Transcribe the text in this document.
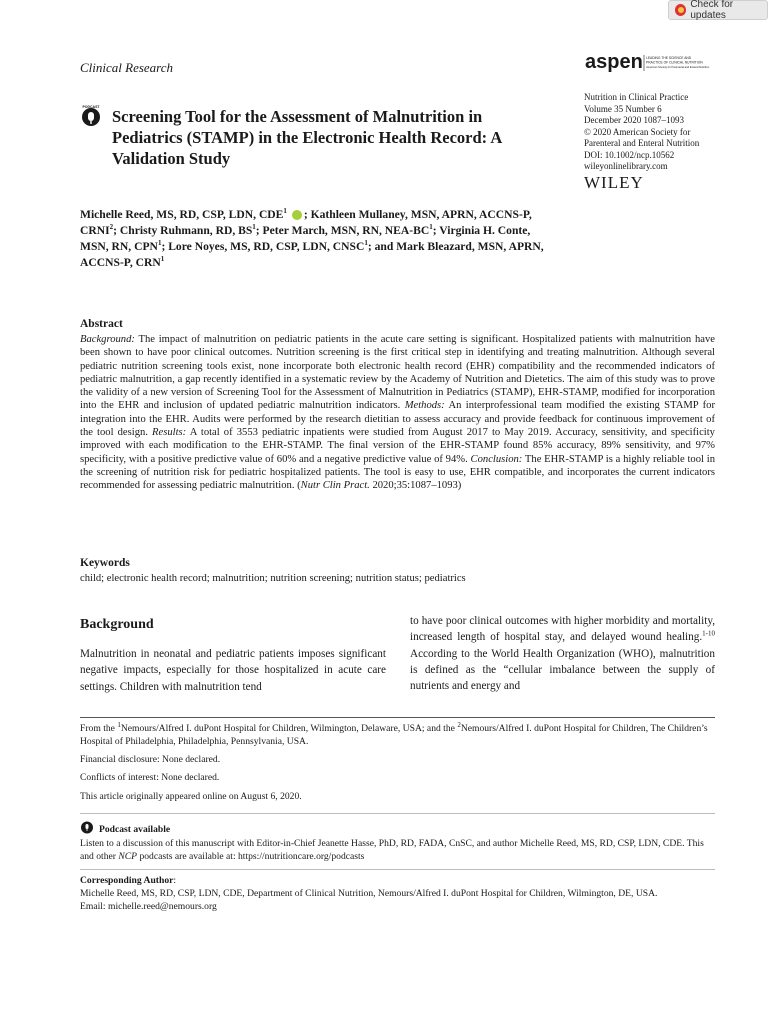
Check for updates
Clinical Research
PODCAST Screening Tool for the Assessment of Malnutrition in Pediatrics (STAMP) in the Electronic Health Record: A Validation Study
aspen LEADING THE SCIENCE AND
PRACTICE OF CLINICAL NUTRITION
American Society for Parenteral and Enteral Nutrition
Nutrition in Clinical Practice
Volume 35 Number 6
December 2020 1087–1093
© 2020 American Society for Parenteral and Enteral Nutrition
DOI: 10.1002/ncp.10562
wileyonlinelibrary.com
WILEY
Michelle Reed, MS, RD, CSP, LDN, CDE$^1$ ; Kathleen Mullaney, MSN, APRN, ACCNS-P, CRNI$^2$; Christy Ruhmann, RD, $BS^1$; Peter March, MSN, RN, NEA-$BC^1$; Virginia H. Conte, MSN, RN, CPN$^1$; Lore Noyes, MS, RD, CSP, LDN, CNSC$^1$; and Mark Bleazard, MSN, APRN, ACCNS-P, CRN$^1$
Abstract
Background: The impact of malnutrition on pediatric patients in the acute care setting is significant. Hospitalized patients with malnutrition have been shown to have poor clinical outcomes. Nutrition screening is the first critical step in identifying and treating malnutrition. Although several pediatric nutrition screening tools exist, none incorporate both electronic health record (EHR) compatibility and the recommended indicators of pediatric malnutrition, a gap recently identified in a systematic review by the Academy of Nutrition and Dietetics. The aim of this study was to prove the validity of a new version of Screening Tool for the Assessment of Malnutrition in Pediatrics (STAMP), EHR-STAMP, modified for incorporation into the EHR and inclusion of updated pediatric malnutrition indicators. Methods: An interprofessional team modified the existing STAMP for integration into the EHR. Audits were performed by the research dietitian to assess accuracy and provide feedback for continuous improvement of the tool design. Results: A total of 3553 pediatric inpatients were studied from August 2017 to May 2019. Accuracy, sensitivity, and specificity improved with each modification to the EHR-STAMP. The final version of the EHR-STAMP found 85% accuracy, 89% sensitivity, and 97% specificity, with a positive predictive value of 60% and a negative predictive value of 94%. Conclusion: The EHR-STAMP is a highly reliable tool in the screening of nutrition risk for pediatric hospitalized patients. The tool is easy to use, EHR compatible, and incorporates the current indicators recommended for assessing pediatric malnutrition. (Nutr Clin Pract. 2020;35:1087–1093)
Keywords
child; electronic health record; malnutrition; nutrition screening; nutrition status; pediatrics
Background
Malnutrition in neonatal and pediatric patients imposes significant negative impacts, especially for those hospitalized in acute care settings. Children with malnutrition tend
to have poor clinical outcomes with higher morbidity and mortality, increased length of hospital stay, and delayed wound healing.$^{1-10}$ According to the World Health Organization (WHO), malnutrition is defined as the “cellular imbalance between the supply of nutrients and energy and
From the $^1$Nemours/Alfred I. duPont Hospital for Children, Wilmington, Delaware, USA; and the $^2$Nemours/Alfred I. duPont Hospital for Children, The Children’s Hospital of Philadelphia, Philadelphia, Pennsylvania, USA.
Financial disclosure: None declared.
Conflicts of interest: None declared.
This article originally appeared online on August 6, 2020.
Podcast available
Listen to a discussion of this manuscript with Editor-in-Chief Jeanette Hasse, PhD, RD, FADA, CnSC, and author Michelle Reed, MS, RD, CSP, LDN, CDE. This and other NCP podcasts are available at: https://nutritioncare.org/podcasts
Corresponding Author:
Michelle Reed, MS, RD, CSP, LDN, CDE, Department of Clinical Nutrition, Nemours/Alfred I. duPont Hospital for Children, Wilmington, DE, USA.
Email: michelle.reed@nemours.org
